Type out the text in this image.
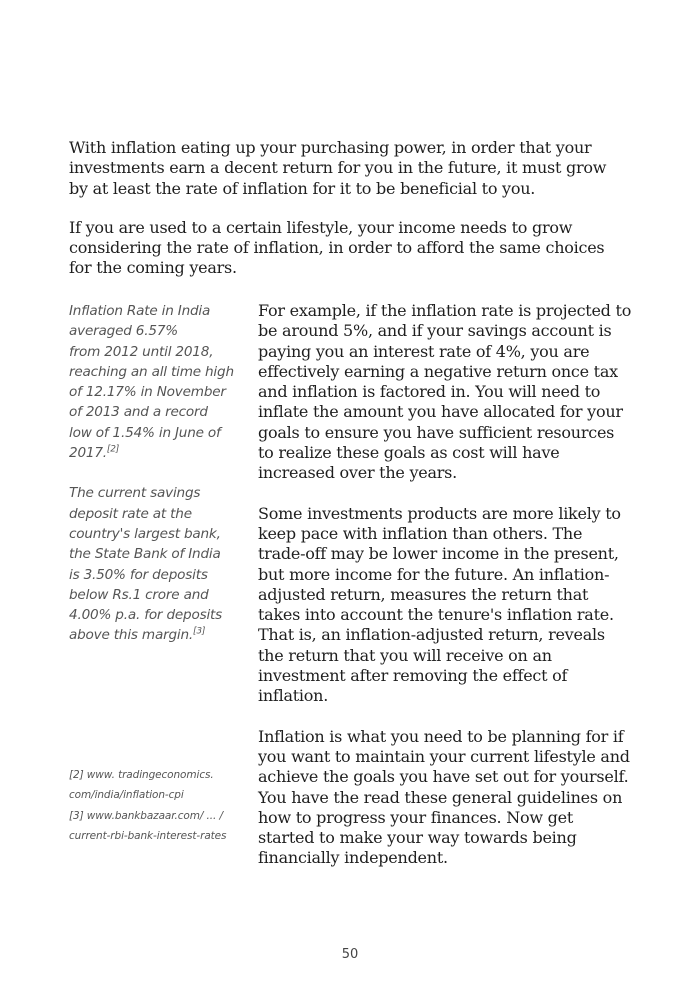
With inflation eating up your purchasing power, in order that your investments earn a decent return for you in the future, it must grow by at least the rate of inflation for it to be beneficial to you.

If you are used to a certain lifestyle, your income needs to grow considering the rate of inflation, in order to afford the same choices for the coming years.

Inflation Rate in India
averaged 6.57%
from 2012 until 2018,
reaching an all time high
of 12.17% in November
of 2013 and a record
low of 1.54% in June of
2017.[2]

The current savings
deposit rate at the
country's largest bank,
the State Bank of India
is 3.50% for deposits
below Rs.1 crore and
4.00% p.a. for deposits
above this margin.[3]

[2] www. tradingeconomics.
com/india/inflation-cpi
[3] www.bankbazaar.com/ ... /
current-rbi-bank-interest-rates

For example, if the inflation rate is projected to be around 5%, and if your savings account is paying you an interest rate of 4%, you are effectively earning a negative return once tax and inflation is factored in. You will need to inflate the amount you have allocated for your goals to ensure you have sufficient resources to realize these goals as cost will have increased over the years.

Some investments products are more likely to keep pace with inflation than others. The trade-off may be lower income in the present, but more income for the future. An inflation-adjusted return, measures the return that takes into account the tenure's inflation rate. That is, an inflation-adjusted return, reveals the return that you will receive on an investment after removing the effect of inflation.

Inflation is what you need to be planning for if you want to maintain your current lifestyle and achieve the goals you have set out for yourself. You have the read these general guidelines on how to progress your finances. Now get started to make your way towards being financially independent.

50
